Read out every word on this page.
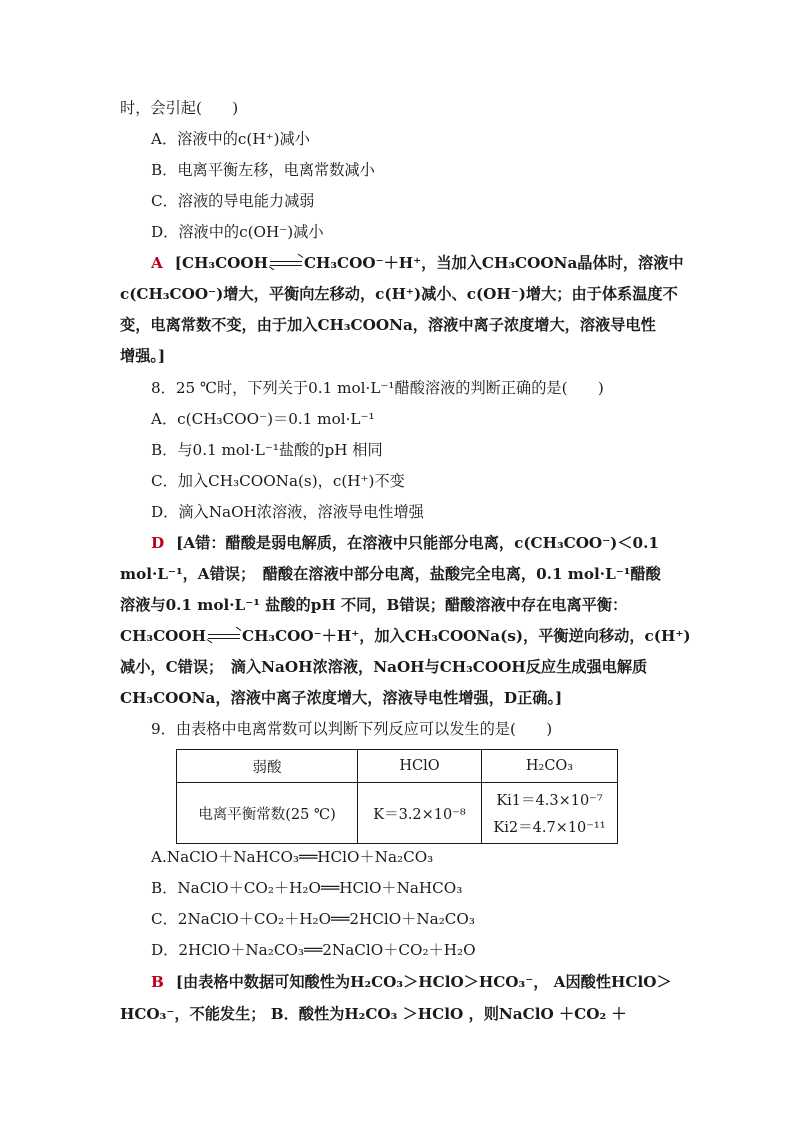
时，会引起(　　)
A．溶液中的c(H⁺)减小
B．电离平衡左移，电离常数减小
C．溶液的导电能力减弱
D．溶液中的c(OH⁻)减小
A [CH₃COOH CH₃COO⁻＋H⁺，当加入CH₃COONa晶体时，溶液中
c(CH₃COO⁻)增大，平衡向左移动，c(H⁺)减小、c(OH⁻)增大；由于体系温度不
变，电离常数不变，由于加入CH₃COONa，溶液中离子浓度增大，溶液导电性
增强。]
8．25 ℃时，下列关于0.1 mol·L⁻¹醋酸溶液的判断正确的是(　　)
A．c(CH₃COO⁻)＝0.1 mol·L⁻¹
B．与0.1 mol·L⁻¹盐酸的pH 相同
C．加入CH₃COONa(s)，c(H⁺)不变
D．滴入NaOH浓溶液，溶液导电性增强
D [A错：醋酸是弱电解质，在溶液中只能部分电离，c(CH₃COO⁻)＜0.1
mol·L⁻¹，A错误；　醋酸在溶液中部分电离，盐酸完全电离，0.1 mol·L⁻¹醋酸
溶液与0.1 mol·L⁻¹ 盐酸的pH 不同，B错误；醋酸溶液中存在电离平衡：
CH₃COOH CH₃COO⁻＋H⁺，加入CH₃COONa(s)，平衡逆向移动，c(H⁺)
减小，C错误；　滴入NaOH浓溶液，NaOH与CH₃COOH反应生成强电解质
CH₃COONa，溶液中离子浓度增大，溶液导电性增强，D正确。]
9．由表格中电离常数可以判断下列反应可以发生的是(　　)
弱酸	HClO	H₂CO₃
电离平衡常数(25 ℃)	K＝3.2×10⁻⁸	Ki1＝4.3×10⁻⁷
Ki2＝4.7×10⁻¹¹
A.NaClO＋NaHCO₃══HClO＋Na₂CO₃
B．NaClO＋CO₂＋H₂O══HClO＋NaHCO₃
C．2NaClO＋CO₂＋H₂O══2HClO＋Na₂CO₃
D．2HClO＋Na₂CO₃══2NaClO＋CO₂＋H₂O
B [由表格中数据可知酸性为H₂CO₃＞HClO＞HCO₃⁻， A因酸性HClO＞
HCO₃⁻，不能发生； B．酸性为H₂CO₃ ＞HClO ，则NaClO ＋CO₂ ＋
